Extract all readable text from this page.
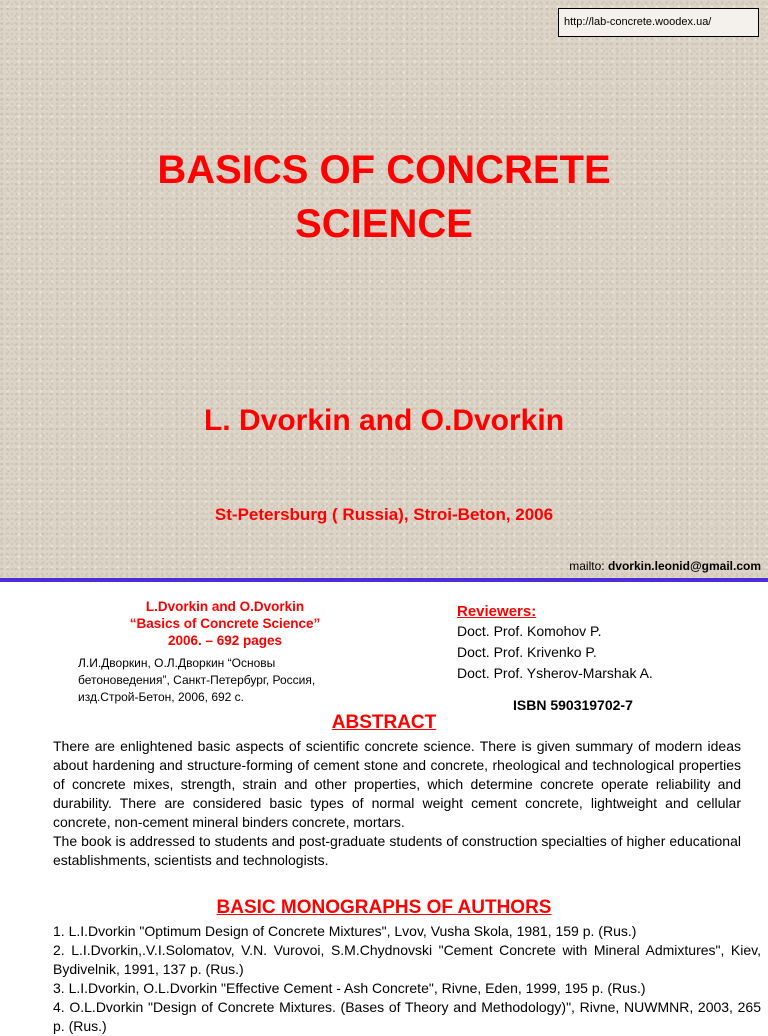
http://lab-concrete.woodex.ua/
BASICS OF CONCRETE
SCIENCE
L. Dvorkin and O.Dvorkin
St-Petersburg ( Russia), Stroi-Beton, 2006
mailto: dvorkin.leonid@gmail.com
L.Dvorkin and O.Dvorkin
“Basics of Concrete Science”
2006. – 692 pages
Л.И.Дворкин, О.Л.Дворкин “Основы бетоноведения”, Санкт-Петербург, Россия, изд.Строй-Бетон, 2006, 692 с.
Reviewers:
Doct. Prof. Komohov P.
Doct. Prof. Krivenko P.
Doct. Prof. Ysherov-Marshak A.
ISBN 590319702-7
ABSTRACT

There are enlightened basic aspects of scientific concrete science. There is given summary of modern ideas about hardening and structure-forming of cement stone and concrete, rheological and technological properties of concrete mixes, strength, strain and other properties, which determine concrete operate reliability and durability. There are considered basic types of normal weight cement concrete, lightweight and cellular concrete, non-cement mineral binders concrete, mortars.

The book is addressed to students and post-graduate students of construction specialties of higher educational establishments, scientists and technologists.

BASIC MONOGRAPHS OF AUTHORS
1. L.I.Dvorkin "Optimum Design of Concrete Mixtures", Lvov, Vusha Skola, 1981, 159 p. (Rus.)
2. L.I.Dvorkin,.V.I.Solomatov, V.N. Vurovoi, S.M.Chydnovski "Cement Concrete with Mineral Admixtures", Kiev, Bydivelnik, 1991, 137 p. (Rus.)
3. L.I.Dvorkin, O.L.Dvorkin "Effective Cement - Ash Concrete", Rivne, Eden, 1999, 195 p. (Rus.)
4. O.L.Dvorkin "Design of Concrete Mixtures. (Bases of Theory and Methodology)", Rivne, NUWMNR, 2003, 265 p. (Rus.)
